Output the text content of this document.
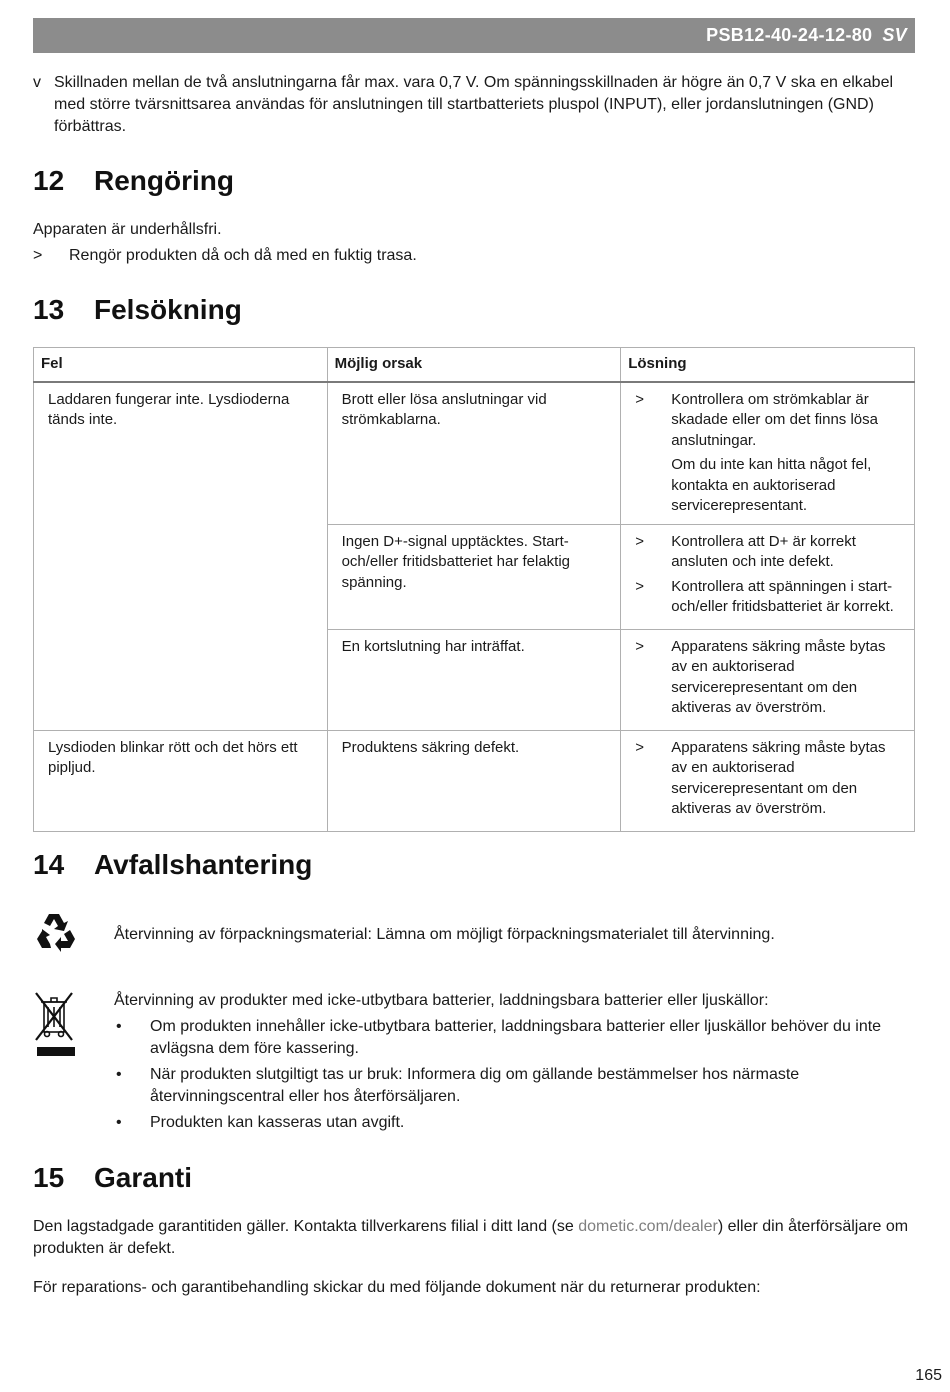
PSB12-40-24-12-80 SV
v Skillnaden mellan de två anslutningarna får max. vara 0,7 V. Om spänningsskillnaden är högre än 0,7 V ska en elkabel med större tvärsnittsarea användas för anslutningen till startbatteriets pluspol (INPUT), eller jordanslutningen (GND) förbättras.
12 Rengöring
Apparaten är underhållsfri.
> Rengör produkten då och då med en fuktig trasa.
13 Felsökning
Fel	Möjlig orsak	Lösning
Laddaren fungerar inte. Lysdioderna tänds inte.	Brott eller lösa anslutningar vid strömkablarna.	> Kontrollera om strömkablar är skadade eller om det finns lösa anslutningar.
Om du inte kan hitta något fel, kontakta en auktoriserad servicerepresentant.

	Ingen D+-signal upptäcktes. Start- och/eller fritidsbatteriet har felaktig spänning.	> Kontrollera att D+ är korrekt ansluten och inte defekt.
> Kontrollera att spänningen i start- och/eller fritidsbatteriet är korrekt.

	En kortslutning har inträffat.	> Apparatens säkring måste bytas av en auktoriserad servicerepresentant om den aktiveras av överström.

Lysdioden blinkar rött och det hörs ett pipljud.	Produktens säkring defekt.	> Apparatens säkring måste bytas av en auktoriserad servicerepresentant om den aktiveras av överström.
14 Avfallshantering
Återvinning av förpackningsmaterial: Lämna om möjligt förpackningsmaterialet till återvinning.
Återvinning av produkter med icke-utbytbara batterier, laddningsbara batterier eller ljuskällor:
• Om produkten innehåller icke-utbytbara batterier, laddningsbara batterier eller ljuskällor behöver du inte avlägsna dem före kassering.
• När produkten slutgiltigt tas ur bruk: Informera dig om gällande bestämmelser hos närmaste återvinningscentral eller hos återförsäljaren.
• Produkten kan kasseras utan avgift.
15 Garanti
Den lagstadgade garantitiden gäller. Kontakta tillverkarens filial i ditt land (se dometic.com/dealer) eller din återförsäljare om produkten är defekt.
För reparations- och garantibehandling skickar du med följande dokument när du returnerar produkten:
165
